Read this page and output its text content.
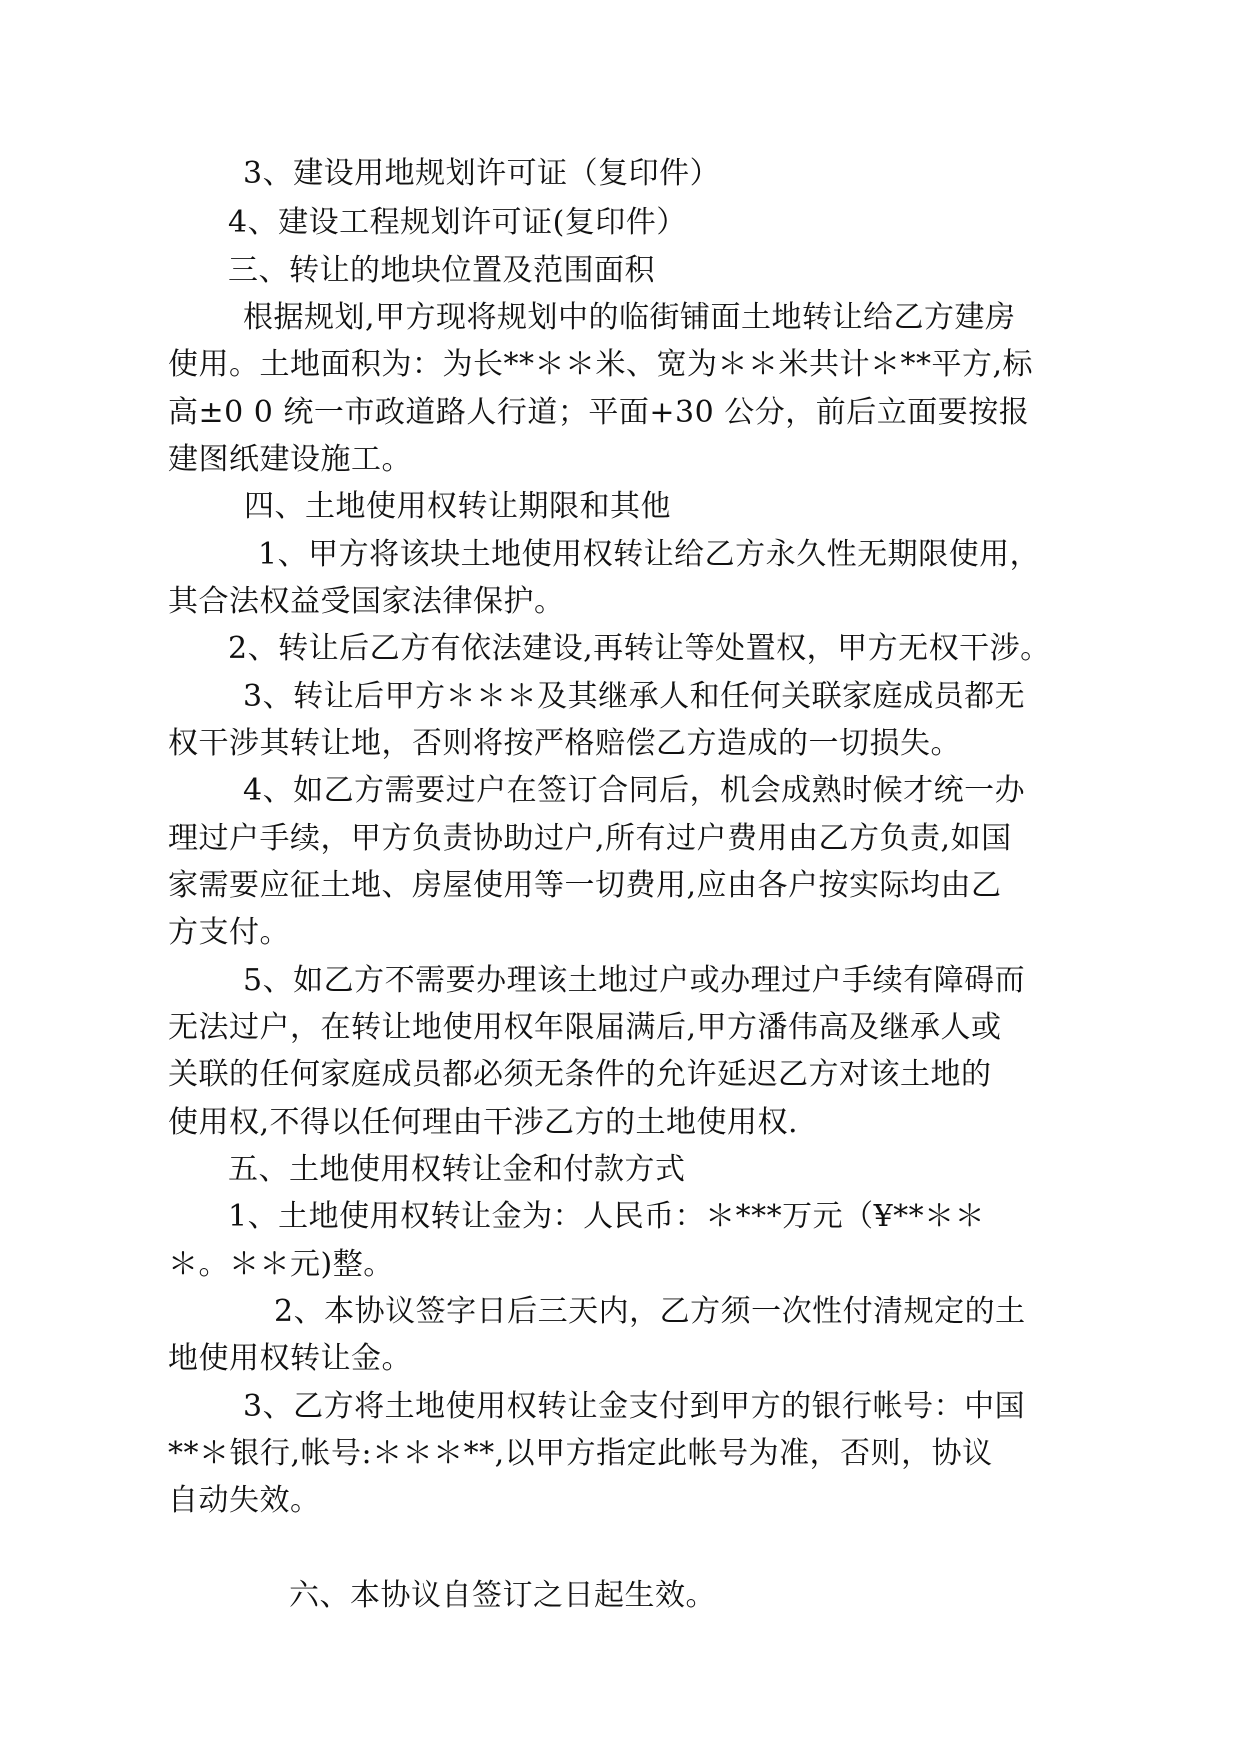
3、建设用地规划许可证（复印件）
4、建设工程规划许可证(复印件）
三、转让的地块位置及范围面积
根据规划,甲方现将规划中的临街铺面土地转让给乙方建房
使用。土地面积为：为长**＊＊米、宽为＊＊米共计＊**平方,标
高±0 0 统一市政道路人行道；平面+30 公分，前后立面要按报
建图纸建设施工。
四、土地使用权转让期限和其他
1、甲方将该块土地使用权转让给乙方永久性无期限使用，
其合法权益受国家法律保护。
2、转让后乙方有依法建设,再转让等处置权，甲方无权干涉。
3、转让后甲方＊＊＊及其继承人和任何关联家庭成员都无
权干涉其转让地，否则将按严格赔偿乙方造成的一切损失。
4、如乙方需要过户在签订合同后，机会成熟时候才统一办
理过户手续，甲方负责协助过户,所有过户费用由乙方负责,如国
家需要应征土地、房屋使用等一切费用,应由各户按实际均由乙
方支付。
5、如乙方不需要办理该土地过户或办理过户手续有障碍而
无法过户，在转让地使用权年限届满后,甲方潘伟高及继承人或
关联的任何家庭成员都必须无条件的允许延迟乙方对该土地的
使用权,不得以任何理由干涉乙方的土地使用权.
五、土地使用权转让金和付款方式
1、土地使用权转让金为：人民币：＊***万元（¥**＊＊
＊。＊＊元)整。
2、本协议签字日后三天内，乙方须一次性付清规定的土
地使用权转让金。
3、乙方将土地使用权转让金支付到甲方的银行帐号：中国
**＊银行,帐号:＊＊＊**,以甲方指定此帐号为准，否则，协议
自动失效。
六、本协议自签订之日起生效。
